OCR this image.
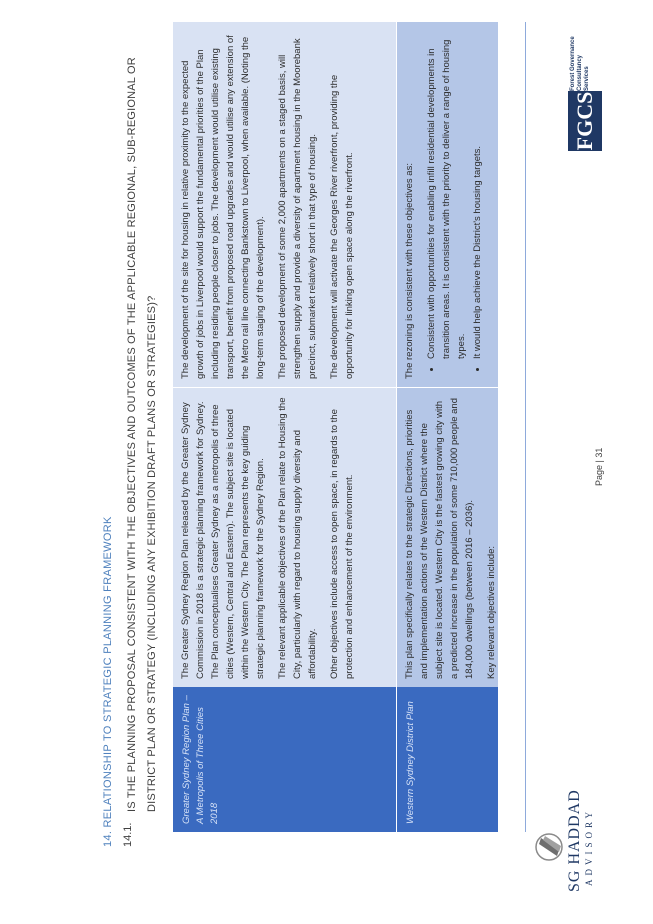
14. RELATIONSHIP TO STRATEGIC PLANNING FRAMEWORK 14.1.
IS THE PLANNING PROPOSAL CONSISTENT WITH THE OBJECTIVES AND OUTCOMES OF THE APPLICABLE REGIONAL, SUB-REGIONAL OR DISTRICT PLAN OR STRATEGY (INCLUDING ANY EXHIBITION DRAFT PLANS OR STRATEGIES)?	Greater Sydney Region Plan – A Metropolis of Three Cities 2018

The Greater Sydney Region Plan released by the Greater Sydney Commission in 2018 is a strategic planning framework for Sydney. The Plan conceptualises Greater Sydney as a metropolis of three cities (Western, Central and Eastern). The subject site is located within the Western City. The Plan represents the key guiding strategic planning framework for the Sydney Region. The relevant applicable objectives of the Plan relate to Housing the City, particularly with regard to housing supply diversity and affordability. Other objectives include access to open space, in regards to the protection and enhancement of the environment.

The development of the site for housing in relative proximity to the expected growth of jobs in Liverpool would support the fundamental priorities of the Plan including residing people closer to jobs. The development would utilise existing transport, benefit from proposed road upgrades and would utilise any extension of the Metro rail line connecting Bankstown to Liverpool, when available. (Noting the long-term staging of the development). The proposed development of some 2,000 apartments on a staged basis, will strengthen supply and provide a diversity of apartment housing in the Moorebank precinct, submarket relatively short in that type of housing. The development will activate the Georges River riverfront, providing the opportunity for linking open space along the riverfront.

Western Sydney District Plan

This plan specifically relates to the strategic Directions, priorities and implementation actions of the Western District where the subject site is located. Western City is the fastest growing city with a predicted increase in the population of some 710,000 people and 184,000 dwellings (between 2016 – 2036). Key relevant objectives include:

The rezoning is consistent with these objectives as: • Consistent with opportunities for enabling infill residential developments in transition areas. It is consistent with the priority to deliver a range of housing types. • It would help achieve the District's housing targets.
SG HADDAD ADVISORY
Page | 31
FGCS
Forest Governance Consultancy Services
